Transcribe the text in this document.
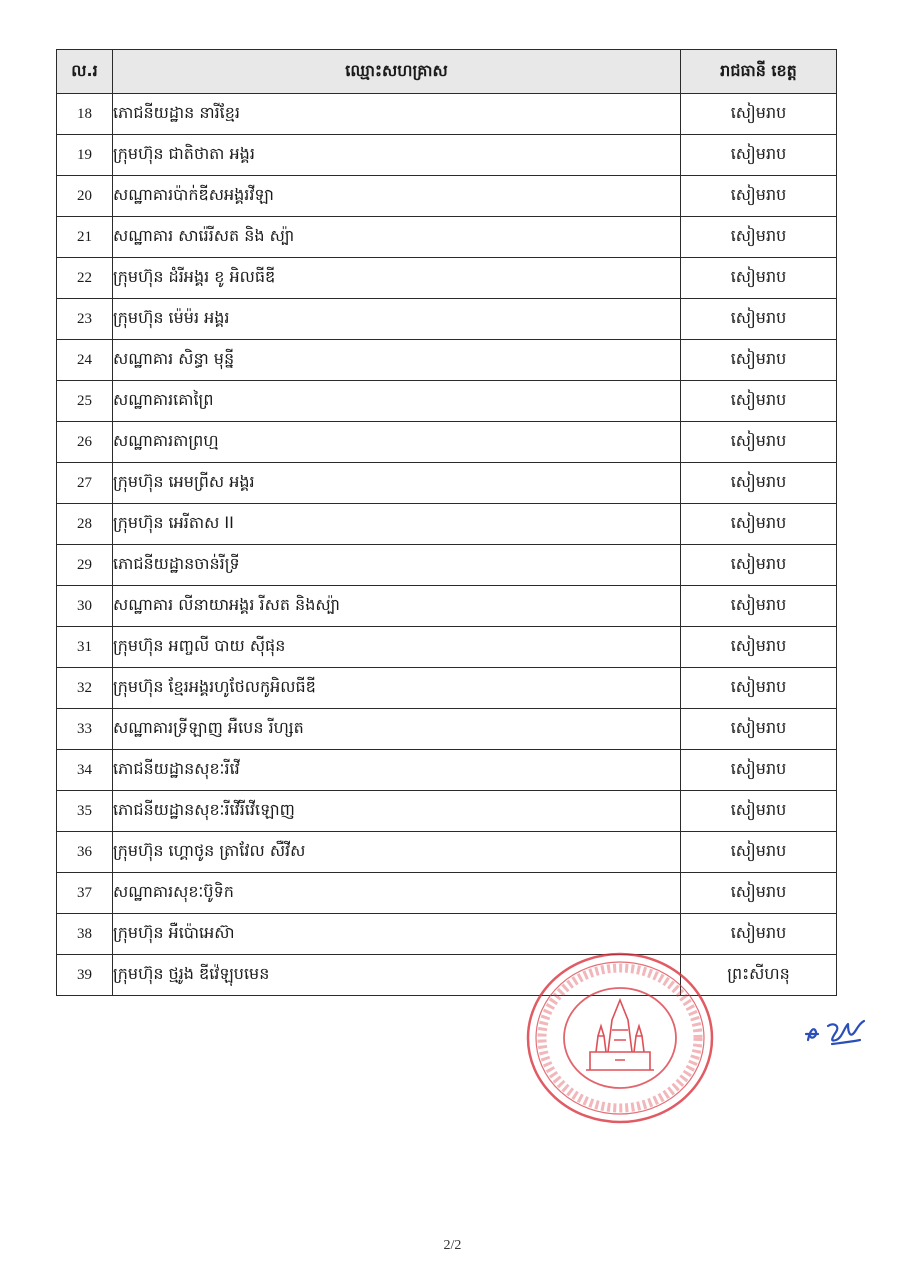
ល.រ	ឈ្មោះសហគ្រាស	រាជធានី ខេត្ត
18	ភោជនីយដ្ឋាន នារីខ្មែរ	សៀមរាប
19	ក្រុមហ៊ុន ជាតិថាតា អង្គរ	សៀមរាប
20	សណ្ឋាគារប៉ាក់ឌីសអង្គរវីឡា	សៀមរាប
21	សណ្ឋាគារ សារ៉េរីសត និង ស្ប៉ា	សៀមរាប
22	ក្រុមហ៊ុន ដំរីអង្គរ ខូ អិលធីឌី	សៀមរាប
23	ក្រុមហ៊ុន ម៉េម៉រ អង្គរ	សៀមរាប
24	សណ្ឋាគារ សិន្ធា មុន្នី	សៀមរាប
25	សណ្ឋាគារគោព្រៃ	សៀមរាប
26	សណ្ឋាគារតាព្រហ្ម	សៀមរាប
27	ក្រុមហ៊ុន អេមព្រីស អង្គរ	សៀមរាប
28	ក្រុមហ៊ុន អេរីតាស II	សៀមរាប
29	ភោជនីយដ្ឋានចាន់រីទ្រី	សៀមរាប
30	សណ្ឋាគារ លីនាយាអង្គរ រីសត និងស្ប៉ា	សៀមរាប
31	ក្រុមហ៊ុន អញ្ចលី បាយ ស៊ីផុន	សៀមរាប
32	ក្រុមហ៊ុន ខ្មែរអង្គរហូថែលកូអិលធីឌី	សៀមរាប
33	សណ្ឋាគារទ្រីឡាញ អឺបេន រីហ្សត	សៀមរាប
34	ភោជនីយដ្ឋានសុខៈរីវើ	សៀមរាប
35	ភោជនីយដ្ឋានសុខៈរីវើរីវើឡោញ	សៀមរាប
36	ក្រុមហ៊ុន ហ្គោថូន ត្រាវែល សឺវីស	សៀមរាប
37	សណ្ឋាគារសុខៈប៊ូទិក	សៀមរាប
38	ក្រុមហ៊ុន អឺប៉ោអេស៊ា	សៀមរាប
39	ក្រុមហ៊ុន ថ្មរូង ឌីវ៉េឡុបមេន	ព្រះសីហនុ
2/2
